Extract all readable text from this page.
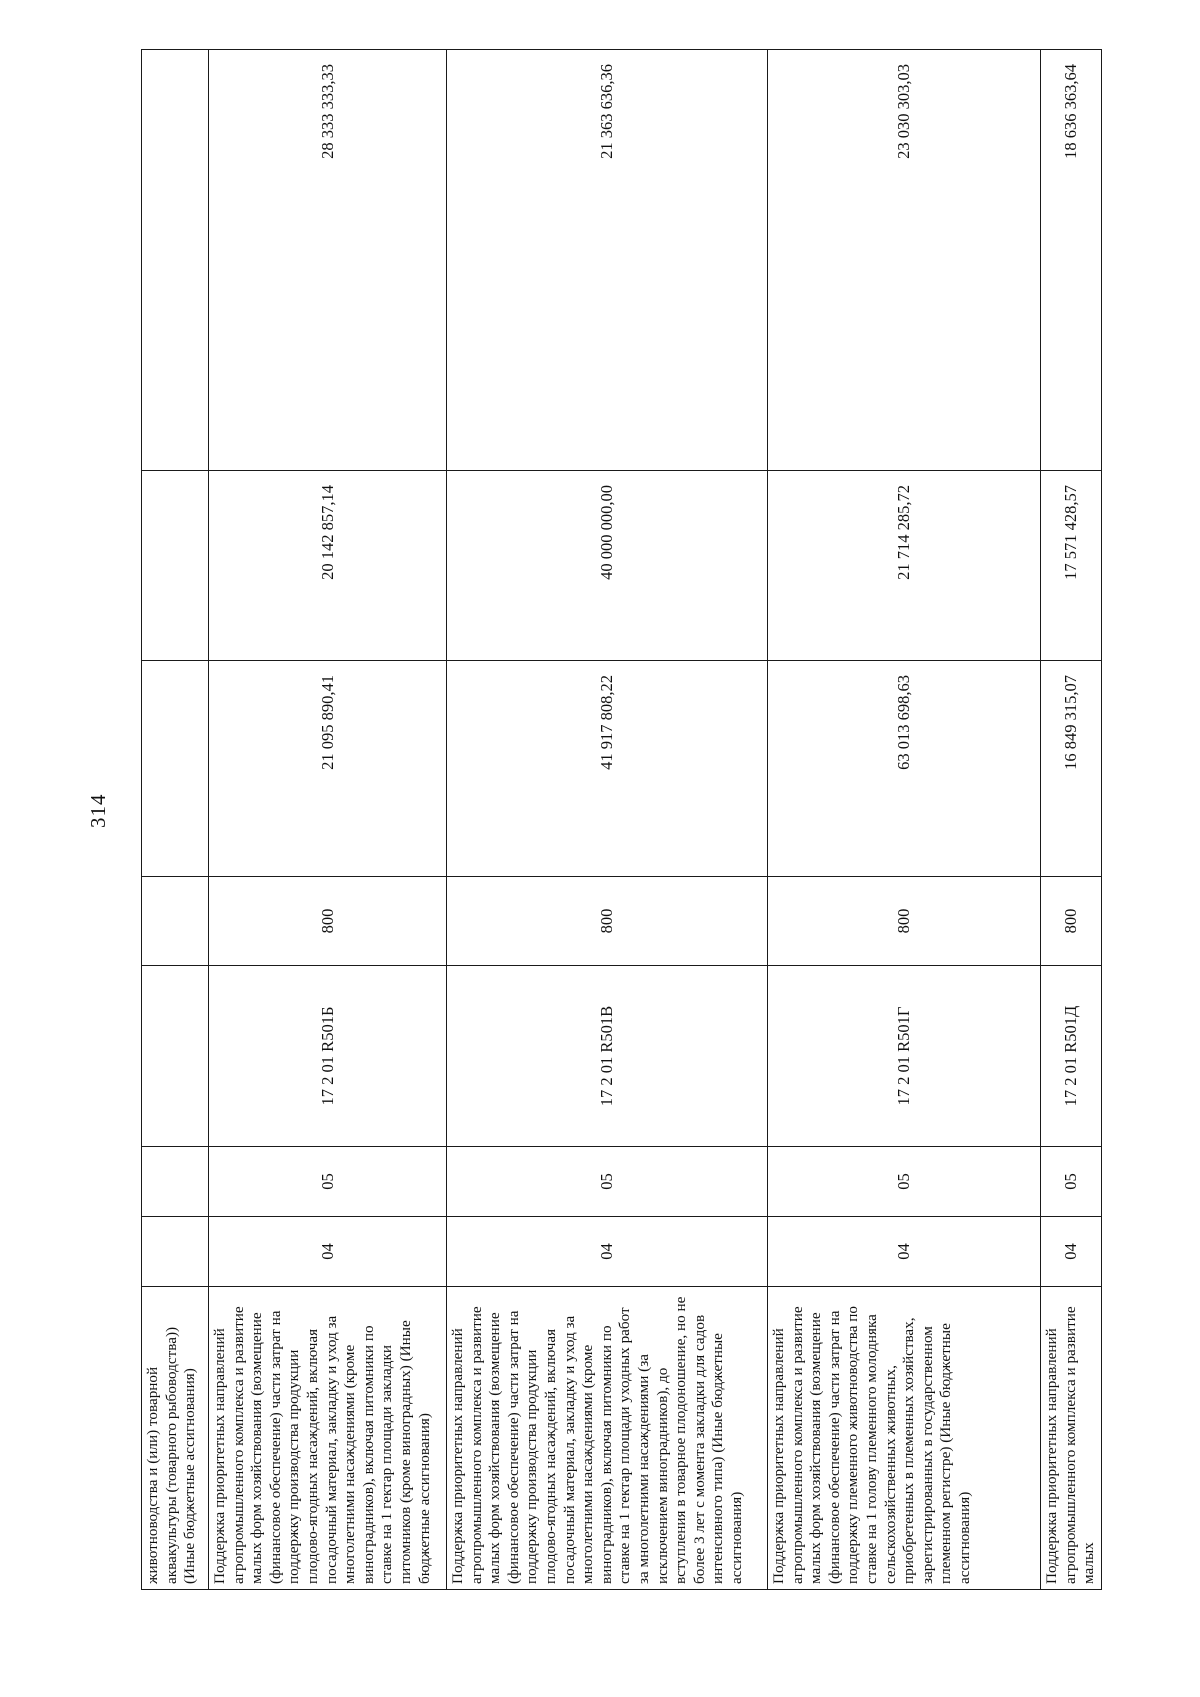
314
животноводства и (или) товарной аквакультуры (товарного рыбоводства)) (Иные бюджетные ассигнования)							
Поддержка приоритетных направлений агропромышленного комплекса и развитие малых форм хозяйствования (возмещение (финансовое обеспечение) части затрат на поддержку производства продукции плодово-ягодных насаждений, включая посадочный материал, закладку и уход за многолетними насаждениями (кроме виноградников), включая питомники по ставке на 1 гектар площади закладки питомников (кроме виноградных) (Иные бюджетные ассигнования)	04	05	17 2 01 R501Б	800	21 095 890,41	20 142 857,14	28 333 333,33
Поддержка приоритетных направлений агропромышленного комплекса и развитие малых форм хозяйствования (возмещение (финансовое обеспечение) части затрат на поддержку производства продукции плодово-ягодных насаждений, включая посадочный материал, закладку и уход за многолетними насаждениями (кроме виноградников), включая питомники по ставке на 1 гектар площади уходных работ за многолетними насаждениями (за исключением виноградников), до вступления в товарное плодоношение, но не более 3 лет с момента закладки для садов интенсивного типа) (Иные бюджетные ассигнования)	04	05	17 2 01 R501В	800	41 917 808,22	40 000 000,00	21 363 636,36
Поддержка приоритетных направлений агропромышленного комплекса и развитие малых форм хозяйствования (возмещение (финансовое обеспечение) части затрат на поддержку племенного животноводства по ставке на 1 голову племенного молодняка сельскохозяйственных животных, приобретенных в племенных хозяйствах, зарегистрированных в государственном племенном регистре) (Иные бюджетные ассигнования)	04	05	17 2 01 R501Г	800	63 013 698,63	21 714 285,72	23 030 303,03
Поддержка приоритетных направлений агропромышленного комплекса и развитие малых	04	05	17 2 01 R501Д	800	16 849 315,07	17 571 428,57	18 636 363,64
